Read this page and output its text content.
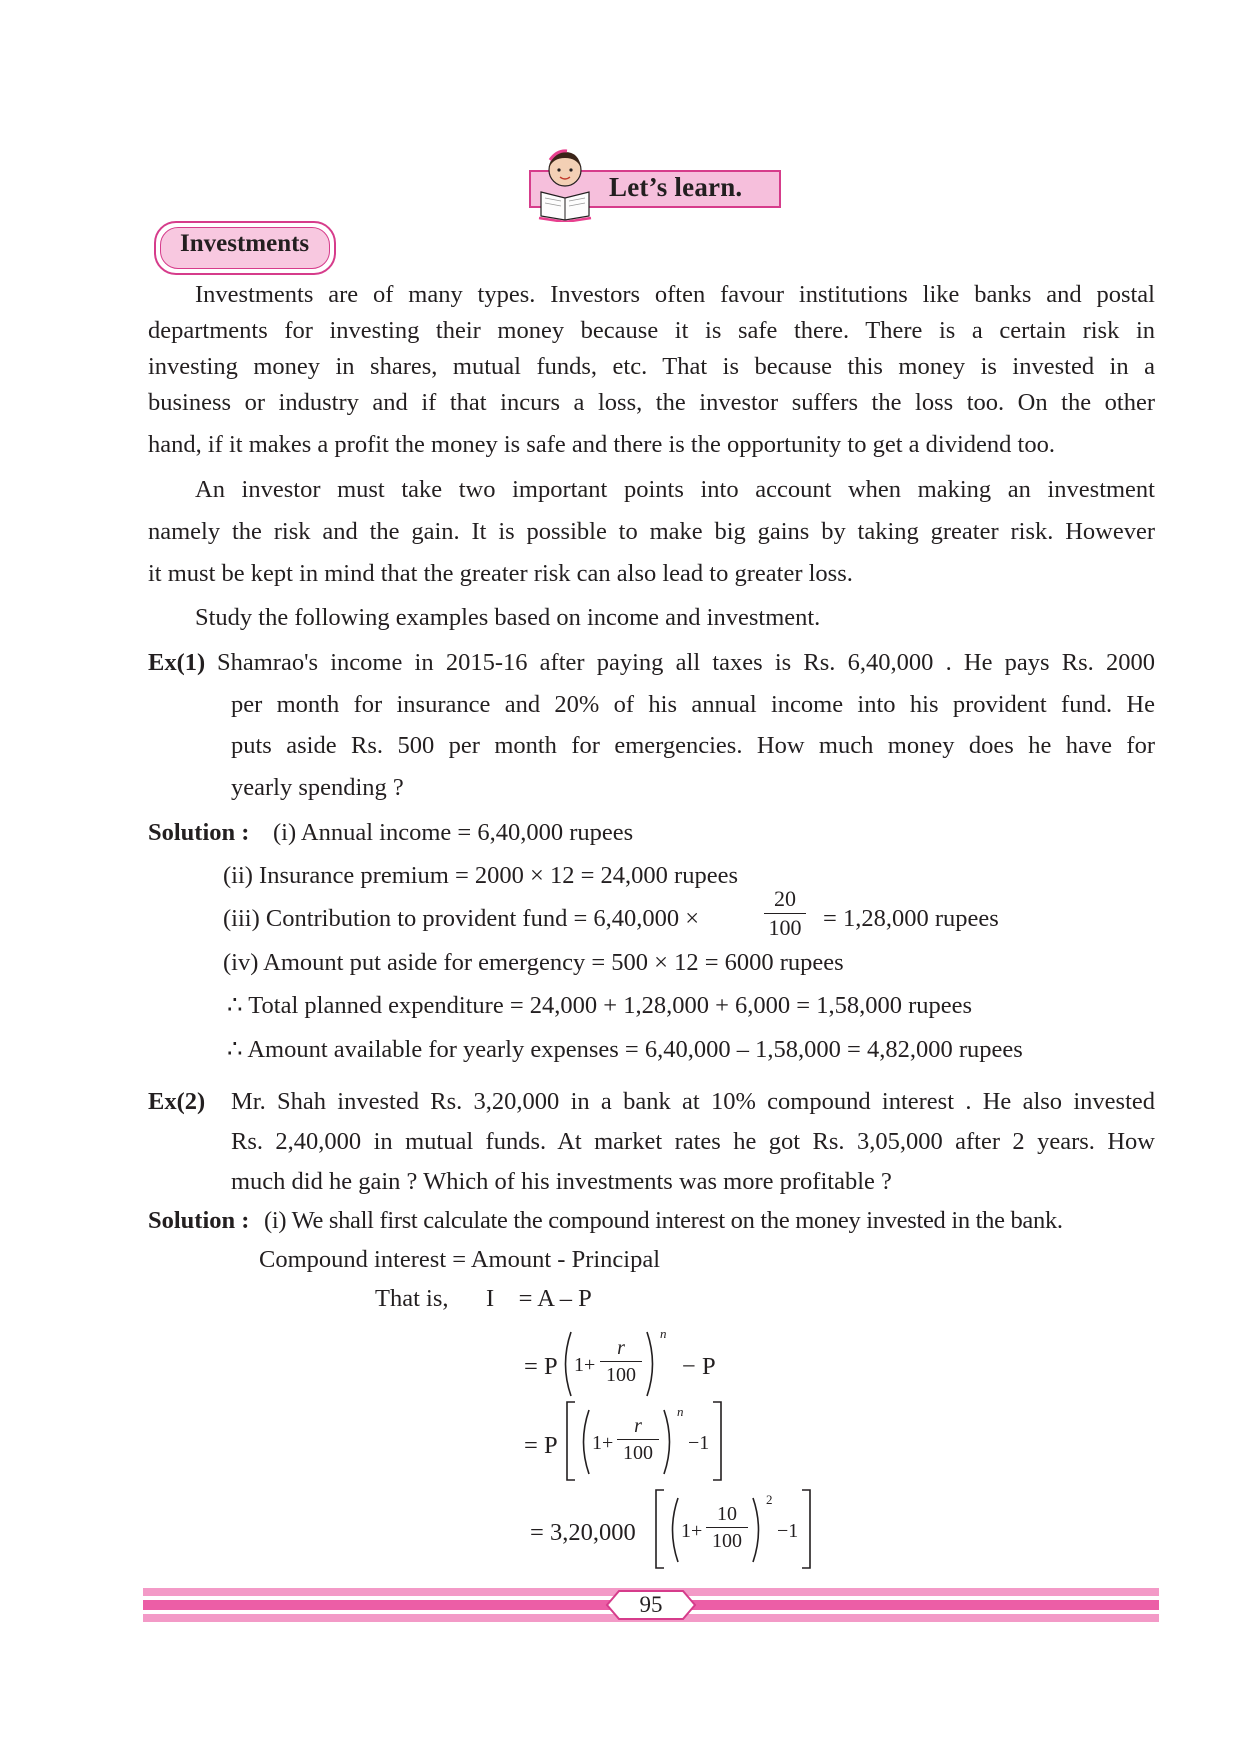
Let’s learn.
Investments
Investments are of many types. Investors often favour institutions like banks and postal
departments for investing their money because it is safe there. There is a certain risk in
investing money in shares, mutual funds, etc. That is because this money is invested in a
business or industry and if that incurs a loss, the investor suffers the loss too. On the other
hand, if it makes a profit the money is safe and there is the opportunity to get a dividend too.
An investor must take two important points into account when making an investment
namely the risk and the gain. It is possible to make big gains by taking greater risk. However
it must be kept in mind that the greater risk can also lead to greater loss.
Study the following examples based on income and investment.
Ex(1) Shamrao's income in 2015-16 after paying all taxes is Rs. 6,40,000 . He pays Rs. 2000
per month for insurance and 20% of his annual income into his provident fund. He
puts aside Rs. 500 per month for emergencies. How much money does he have for
yearly spending ?
Solution : (i) Annual income = 6,40,000 rupees
(ii) Insurance premium = 2000 × 12 = 24,000 rupees
(iii) Contribution to provident fund = 6,40,000 ×
20
100 = 1,28,000 rupees
(iv) Amount put aside for emergency = 500 × 12 = 6000 rupees
∴ Total planned expenditure = 24,000 + 1,28,000 + 6,000 = 1,58,000 rupees
∴ Amount available for yearly expenses = 6,40,000 – 1,58,000 = 4,82,000 rupees
Ex(2) Mr. Shah invested Rs. 3,20,000 in a bank at 10% compound interest . He also invested
Rs. 2,40,000 in mutual funds. At market rates he got Rs. 3,05,000 after 2 years. How
much did he gain ? Which of his investments was more profitable ?
Solution : (i) We shall first calculate the compound interest on the money invested in the bank.
Compound interest = Amount - Principal
That is, I    = A – P
= P 1+
r
100
n
− P
= P 1+
r
100
n
−1
= 3,20,000 1+
10
100
2
−1
95
